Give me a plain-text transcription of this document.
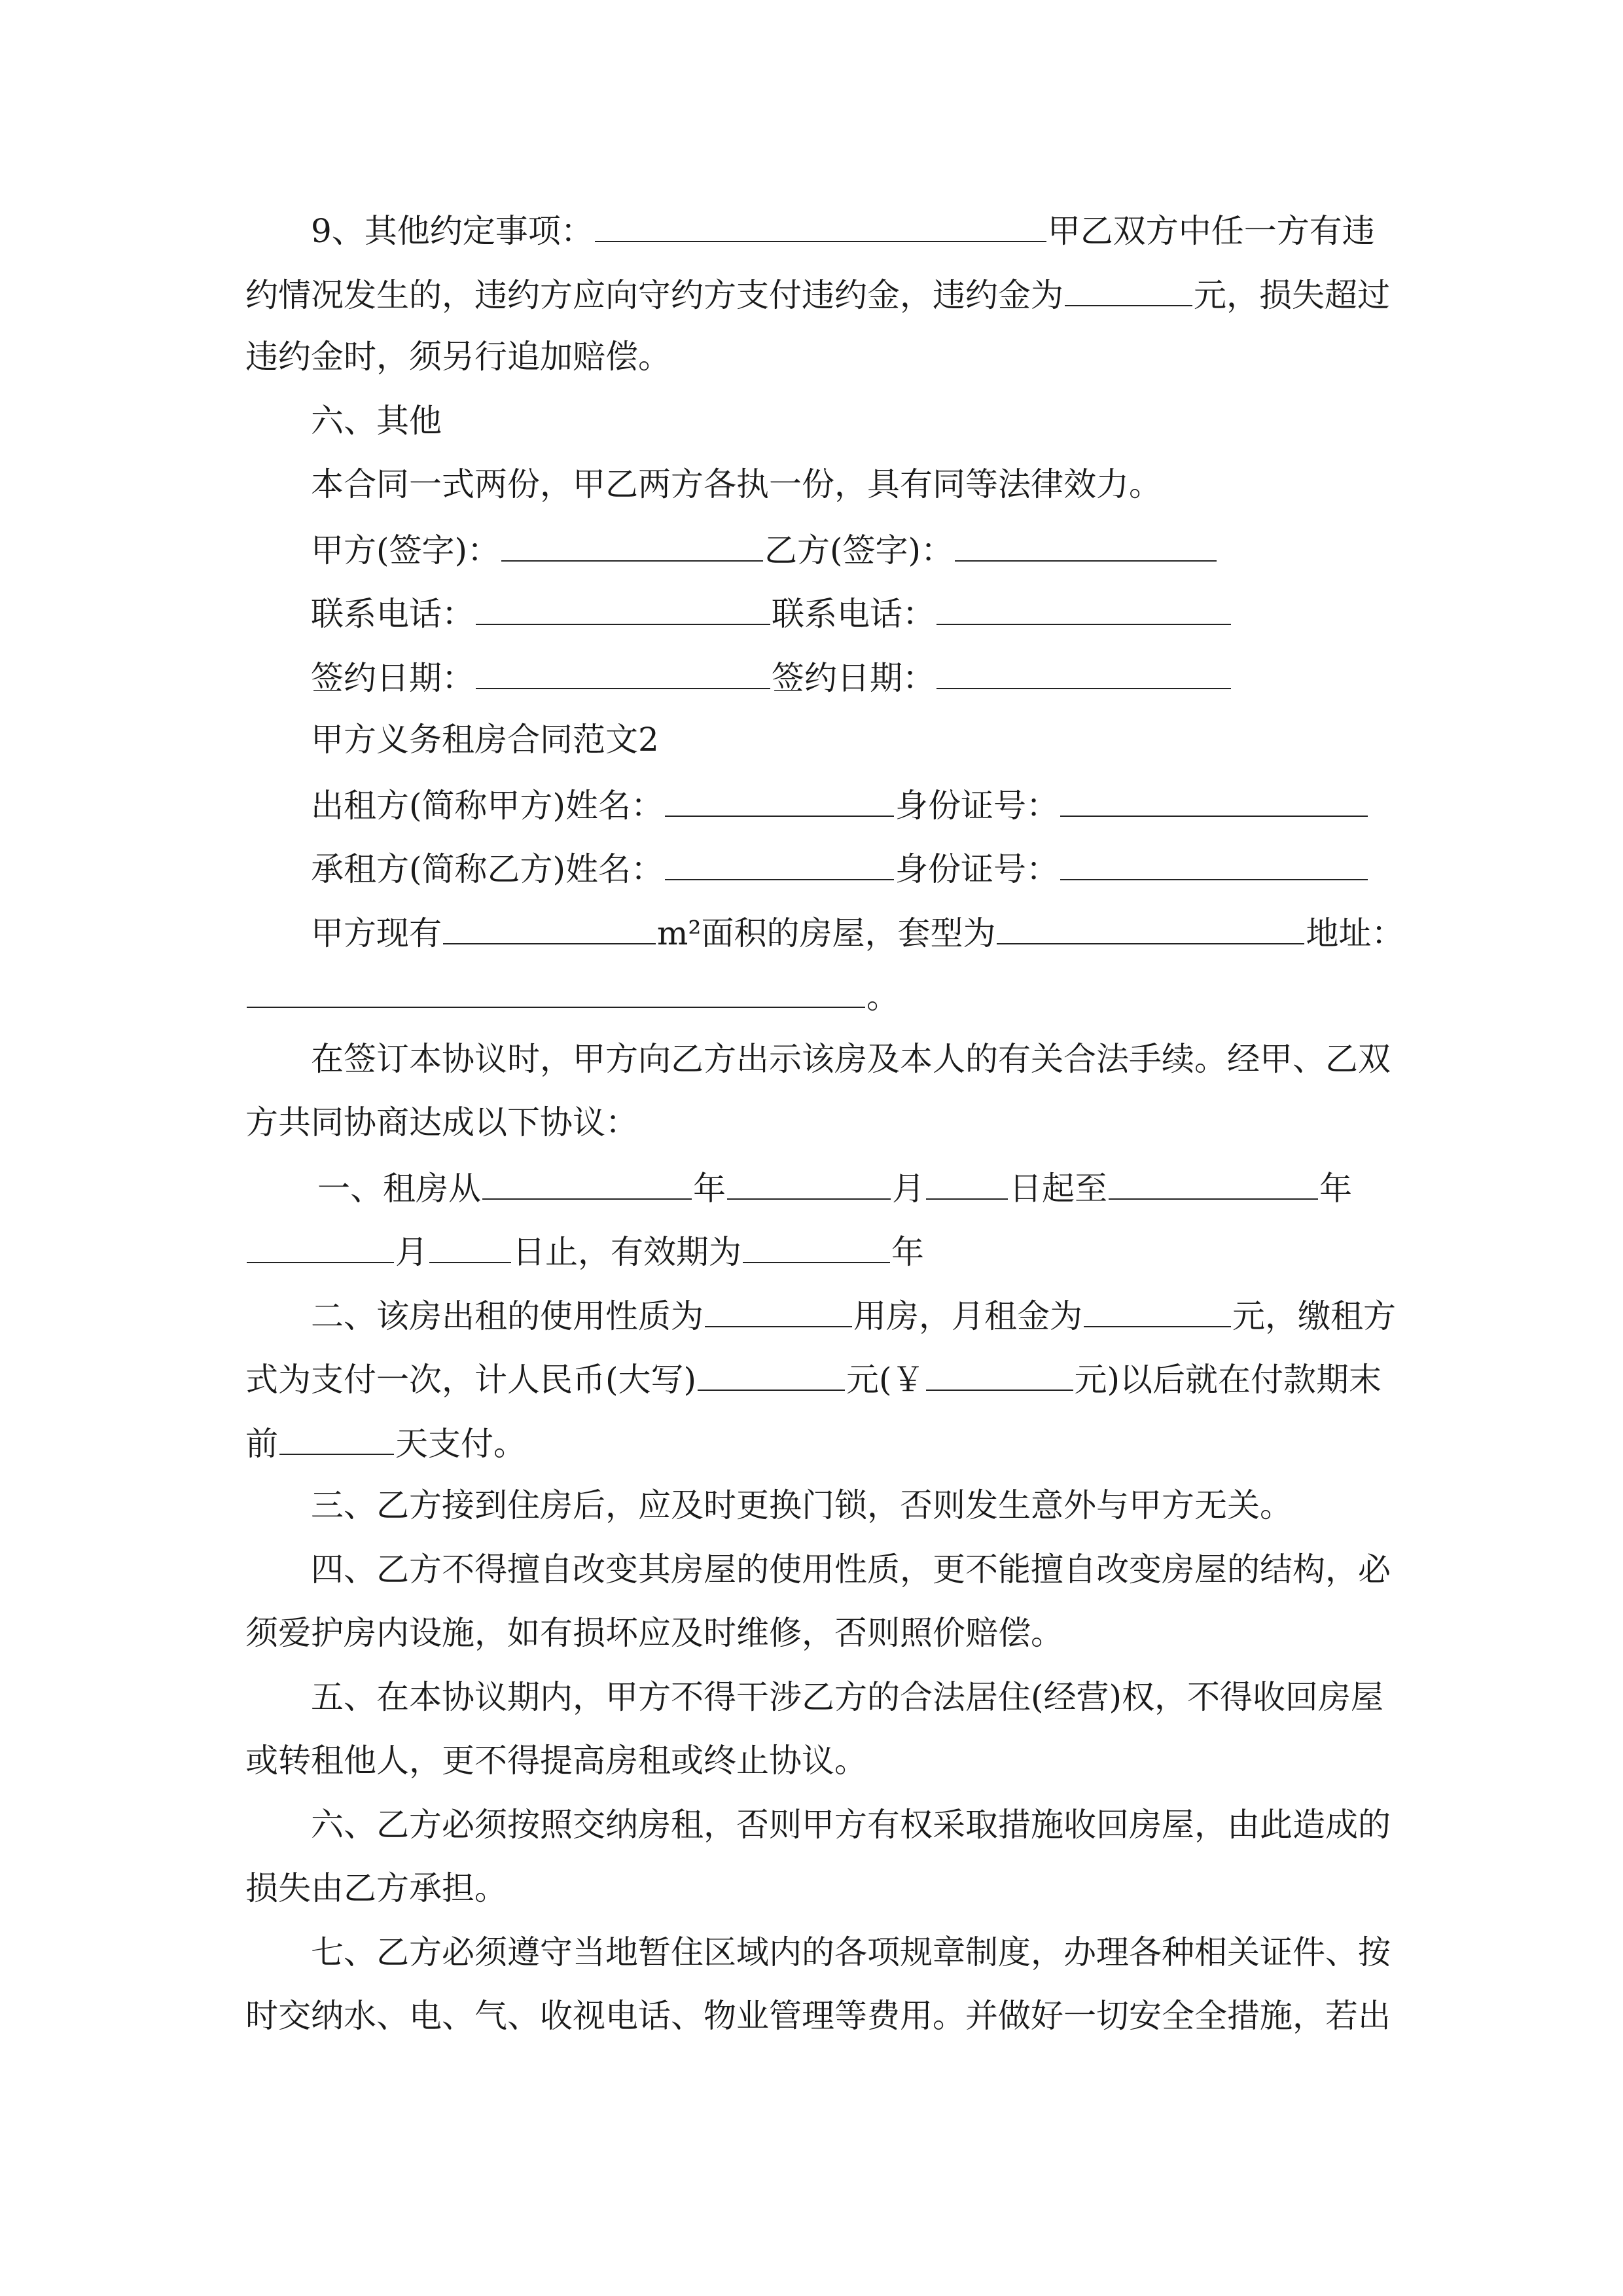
9、其他约定事项：	甲乙双方中任一方有违
约情况发生的，违约方应向守约方支付违约金，违约金为	元，损失超过
违约金时，须另行追加赔偿。
六、其他
本合同一式两份，甲乙两方各执一份，具有同等法律效力。
甲方(签字)：	乙方(签字)：
联系电话：	联系电话：
签约日期：	签约日期：
甲方义务租房合同范文2
出租方(简称甲方)姓名：	身份证号：
承租方(简称乙方)姓名：	身份证号：
甲方现有	m²面积的房屋，套型为	地址：
。
在签订本协议时，甲方向乙方出示该房及本人的有关合法手续。经甲、乙双
方共同协商达成以下协议：
一、租房从	年	月	日起至	年
月	日止，有效期为	年
二、该房出租的使用性质为	用房，月租金为	元，缴租方
式为支付一次，计人民币(大写)	元(￥	元)以后就在付款期末
前	天支付。
三、乙方接到住房后，应及时更换门锁，否则发生意外与甲方无关。
四、乙方不得擅自改变其房屋的使用性质，更不能擅自改变房屋的结构，必
须爱护房内设施，如有损坏应及时维修，否则照价赔偿。
五、在本协议期内，甲方不得干涉乙方的合法居住(经营)权，不得收回房屋
或转租他人，更不得提高房租或终止协议。
六、乙方必须按照交纳房租，否则甲方有权采取措施收回房屋，由此造成的
损失由乙方承担。
七、乙方必须遵守当地暂住区域内的各项规章制度，办理各种相关证件、按
时交纳水、电、气、收视电话、物业管理等费用。并做好一切安全全措施，若出
